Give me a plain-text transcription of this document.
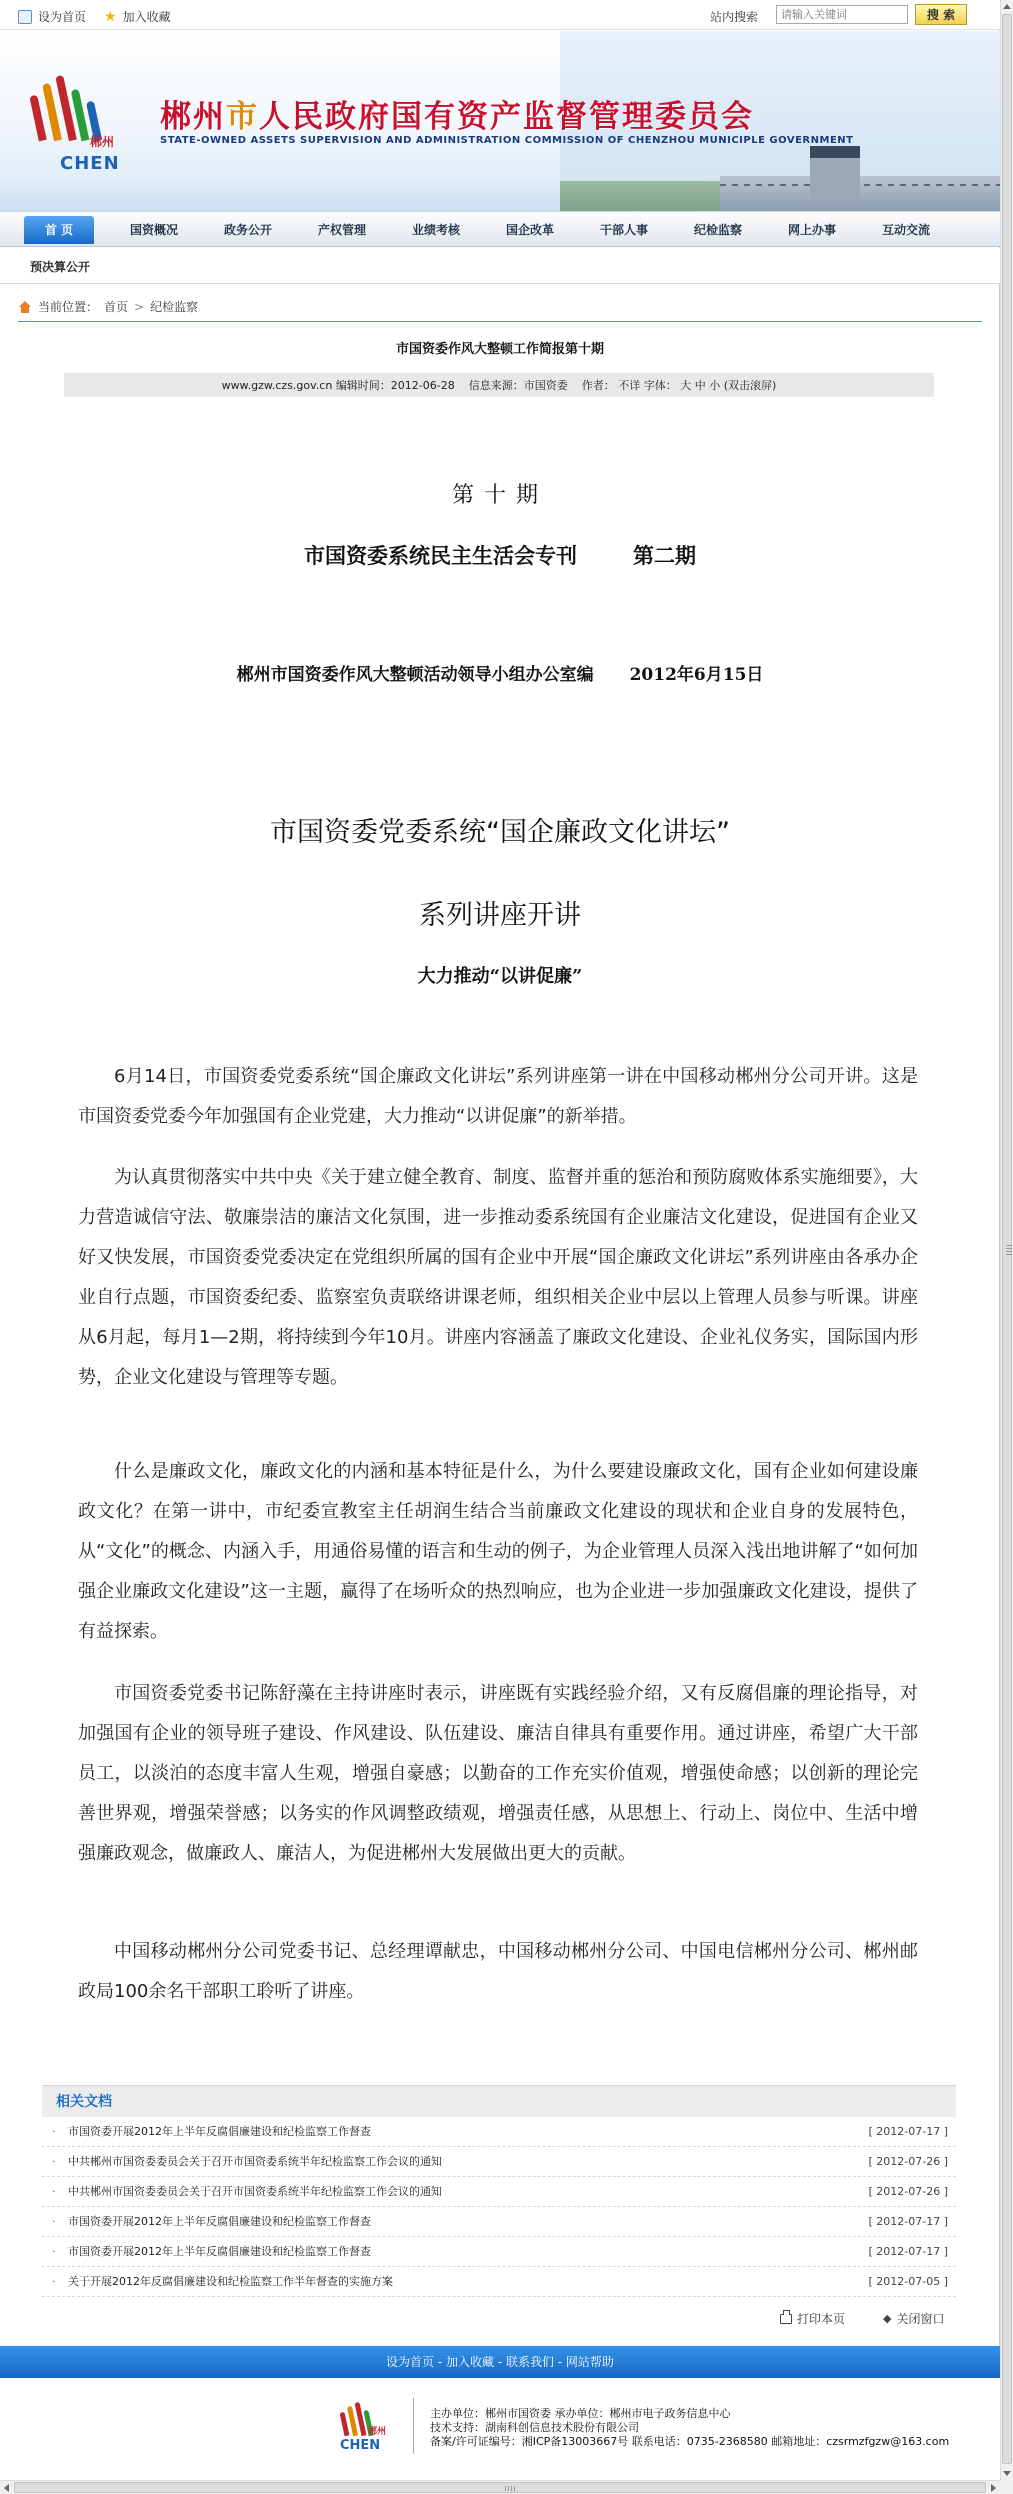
设为首页 ★ 加入收藏	站内搜索
请输入关键词	搜 索
郴州
CHEN
郴州市人民政府国有资产监督管理委员会
STATE-OWNED ASSETS SUPERVISION AND ADMINISTRATION COMMISSION OF CHENZHOU MUNICIPLE GOVERNMENT
首 页	国资概况	政务公开	产权管理	业绩考核	国企改革	干部人事	纪检监察	网上办事	互动交流
预决算公开
当前位置： 首页 > 纪检监察
市国资委作风大整顿工作简报第十期
www.gzw.czs.gov.cn 编辑时间：2012-06-28 信息来源：市国资委 作者： 不详 字体： 大 中 小 (双击滚屏)
第十期
市国资委系统民主生活会专刊	第二期
郴州市国资委作风大整顿活动领导小组办公室编 2012年6月15日
市国资委党委系统“国企廉政文化讲坛”
系列讲座开讲
大力推动“以讲促廉”

6月14日，市国资委党委系统“国企廉政文化讲坛”系列讲座第一讲在中国移动郴州分公司开讲。这是市国资委党委今年加强国有企业党建，大力推动“以讲促廉”的新举措。

为认真贯彻落实中共中央《关于建立健全教育、制度、监督并重的惩治和预防腐败体系实施细要》，大力营造诚信守法、敬廉崇洁的廉洁文化氛围，进一步推动委系统国有企业廉洁文化建设，促进国有企业又好又快发展，市国资委党委决定在党组织所属的国有企业中开展“国企廉政文化讲坛”系列讲座由各承办企业自行点题，市国资委纪委、监察室负责联络讲课老师，组织相关企业中层以上管理人员参与听课。讲座从6月起，每月1—2期，将持续到今年10月。讲座内容涵盖了廉政文化建设、企业礼仪务实，国际国内形势，企业文化建设与管理等专题。

什么是廉政文化，廉政文化的内涵和基本特征是什么，为什么要建设廉政文化，国有企业如何建设廉政文化？在第一讲中，市纪委宣教室主任胡润生结合当前廉政文化建设的现状和企业自身的发展特色，从“文化”的概念、内涵入手，用通俗易懂的语言和生动的例子，为企业管理人员深入浅出地讲解了“如何加强企业廉政文化建设”这一主题，赢得了在场听众的热烈响应，也为企业进一步加强廉政文化建设，提供了有益探索。

市国资委党委书记陈舒藻在主持讲座时表示，讲座既有实践经验介绍，又有反腐倡廉的理论指导，对加强国有企业的领导班子建设、作风建设、队伍建设、廉洁自律具有重要作用。通过讲座，希望广大干部员工，以淡泊的态度丰富人生观，增强自豪感；以勤奋的工作充实价值观，增强使命感；以创新的理论完善世界观，增强荣誉感；以务实的作风调整政绩观，增强责任感，从思想上、行动上、岗位中、生活中增强廉政观念，做廉政人、廉洁人，为促进郴州大发展做出更大的贡献。

中国移动郴州分公司党委书记、总经理谭献忠，中国移动郴州分公司、中国电信郴州分公司、郴州邮政局100余名干部职工聆听了讲座。

相关文档
· 市国资委开展2012年上半年反腐倡廉建设和纪检监察工作督查	[ 2012-07-17 ]
· 中共郴州市国资委委员会关于召开市国资委系统半年纪检监察工作会议的通知	[ 2012-07-26 ]
· 中共郴州市国资委委员会关于召开市国资委系统半年纪检监察工作会议的通知	[ 2012-07-26 ]
· 市国资委开展2012年上半年反腐倡廉建设和纪检监察工作督查	[ 2012-07-17 ]
· 市国资委开展2012年上半年反腐倡廉建设和纪检监察工作督查	[ 2012-07-17 ]
· 关于开展2012年反腐倡廉建设和纪检监察工作半年督查的实施方案	[ 2012-07-05 ]
打印本页	◆ 关闭窗口
设为首页 - 加入收藏 - 联系我们 - 网站帮助
郴州
CHEN
主办单位：郴州市国资委 承办单位：郴州市电子政务信息中心
技术支持：湖南科创信息技术股份有限公司
备案/许可证编号：湘ICP备13003667号 联系电话：0735-2368580 邮箱地址：czsrmzfgzw@163.com
